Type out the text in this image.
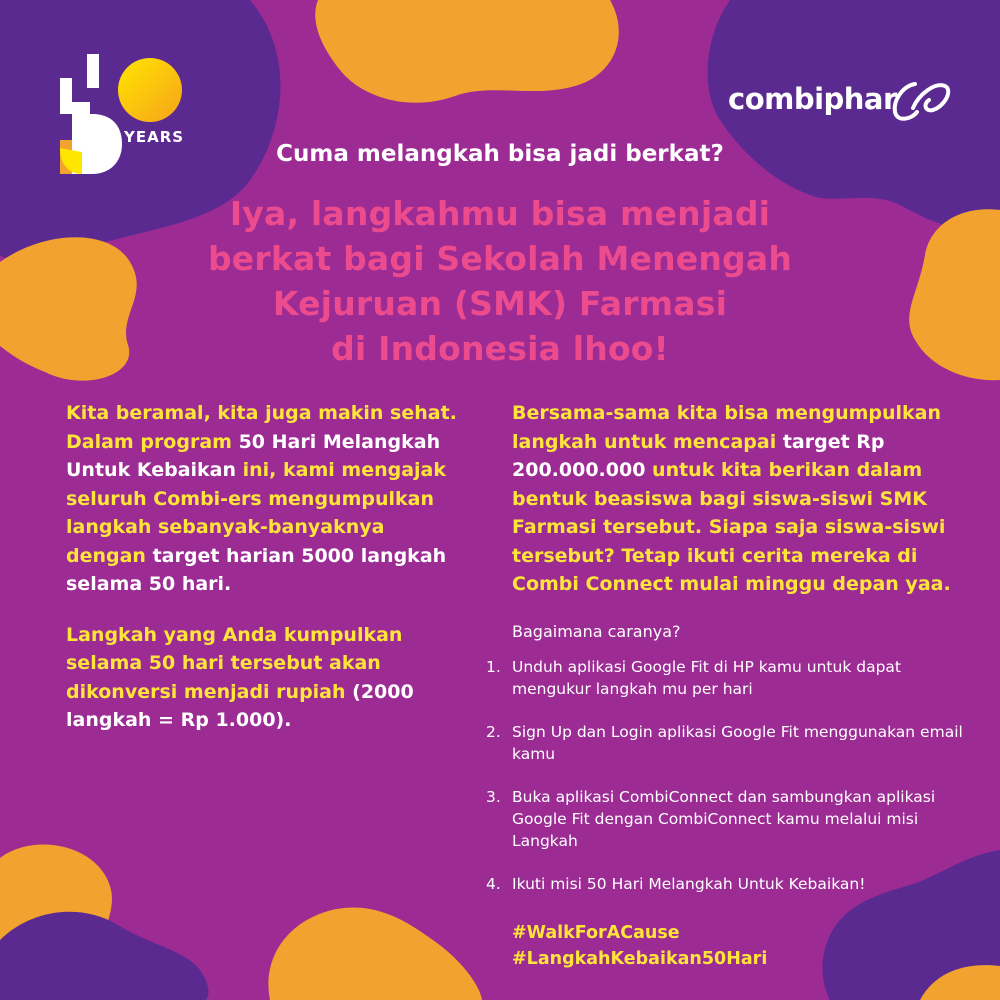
YEARS
combiphar
Cuma melangkah bisa jadi berkat?
Iya, langkahmu bisa menjadi
berkat bagi Sekolah Menengah
Kejuruan (SMK) Farmasi
di Indonesia lhoo!

Kita beramal, kita juga makin sehat. Dalam program 50 Hari Melangkah Untuk Kebaikan ini, kami mengajak seluruh Combi-ers mengumpulkan langkah sebanyak-banyaknya dengan target harian 5000 langkah selama 50 hari.

Langkah yang Anda kumpulkan selama 50 hari tersebut akan dikonversi menjadi rupiah (2000 langkah = Rp 1.000).

Bersama-sama kita bisa mengumpulkan langkah untuk mencapai target Rp 200.000.000 untuk kita berikan dalam bentuk beasiswa bagi siswa-siswi SMK Farmasi tersebut. Siapa saja siswa-siswi tersebut? Tetap ikuti cerita mereka di Combi Connect mulai minggu depan yaa.

Bagaimana caranya?
1. Unduh aplikasi Google Fit di HP kamu untuk dapat mengukur langkah mu per hari
2. Sign Up dan Login aplikasi Google Fit menggunakan email kamu
3. Buka aplikasi CombiConnect dan sambungkan aplikasi Google Fit dengan CombiConnect kamu melalui misi Langkah
4. Ikuti misi 50 Hari Melangkah Untuk Kebaikan!
#WalkForACause
#LangkahKebaikan50Hari
